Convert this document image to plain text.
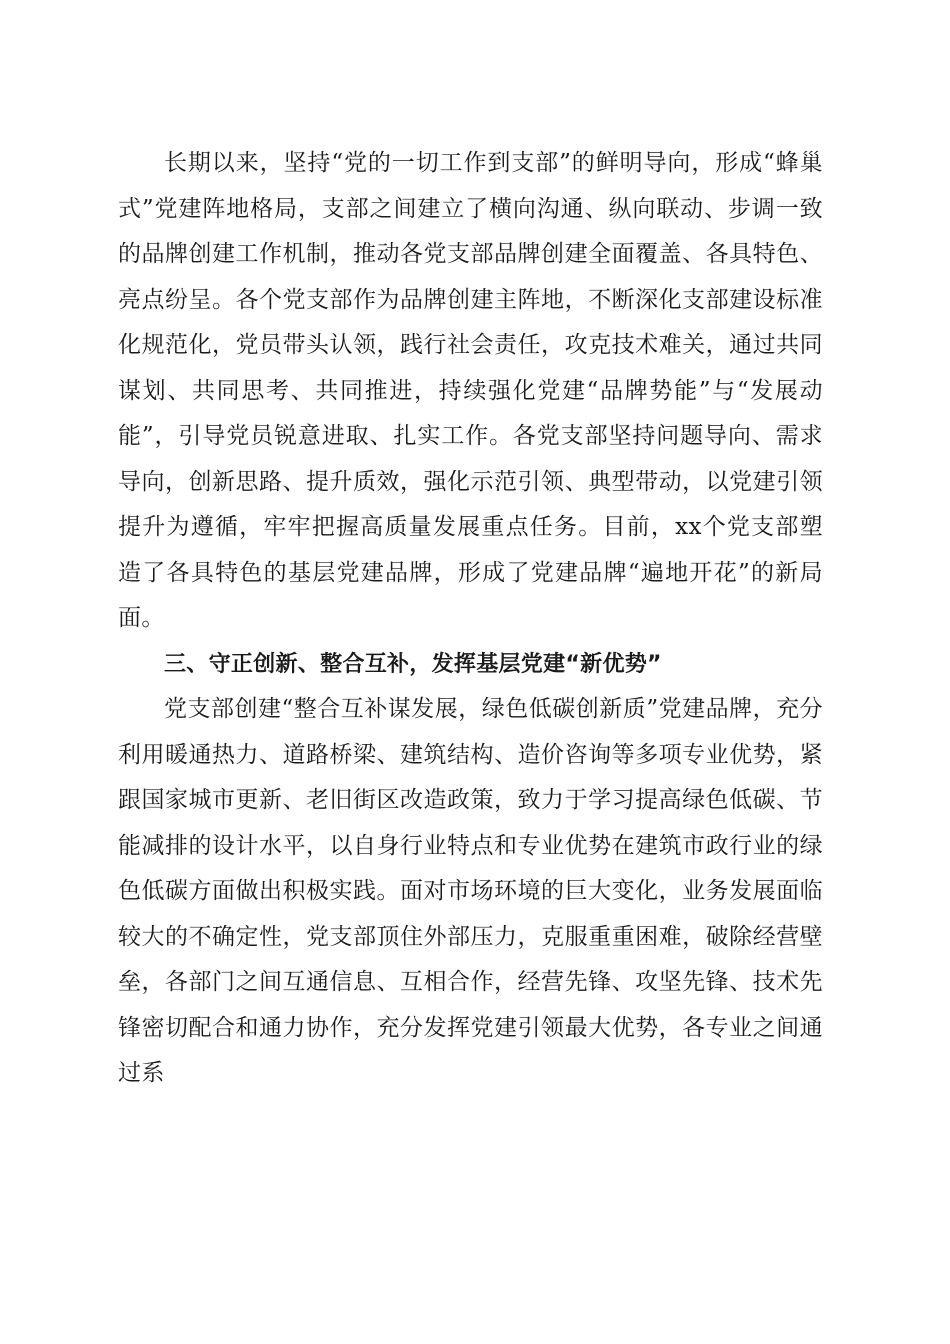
长期以来，坚持“党的一切工作到支部”的鲜明导向，形成“蜂巢式”党建阵地格局，支部之间建立了横向沟通、纵向联动、步调一致的品牌创建工作机制，推动各党支部品牌创建全面覆盖、各具特色、亮点纷呈。各个党支部作为品牌创建主阵地，不断深化支部建设标准化规范化，党员带头认领，践行社会责任，攻克技术难关，通过共同谋划、共同思考、共同推进，持续强化党建“品牌势能”与“发展动能”，引导党员锐意进取、扎实工作。各党支部坚持问题导向、需求导向，创新思路、提升质效，强化示范引领、典型带动，以党建引领提升为遵循，牢牢把握高质量发展重点任务。目前，xx个党支部塑造了各具特色的基层党建品牌，形成了党建品牌“遍地开花”的新局面。

三、守正创新、整合互补，发挥基层党建“新优势”

党支部创建“整合互补谋发展，绿色低碳创新质”党建品牌，充分利用暖通热力、道路桥梁、建筑结构、造价咨询等多项专业优势，紧跟国家城市更新、老旧街区改造政策，致力于学习提高绿色低碳、节能减排的设计水平，以自身行业特点和专业优势在建筑市政行业的绿色低碳方面做出积极实践。面对市场环境的巨大变化，业务发展面临较大的不确定性，党支部顶住外部压力，克服重重困难，破除经营壁垒，各部门之间互通信息、互相合作，经营先锋、攻坚先锋、技术先锋密切配合和通力协作，充分发挥党建引领最大优势，各专业之间通过系
